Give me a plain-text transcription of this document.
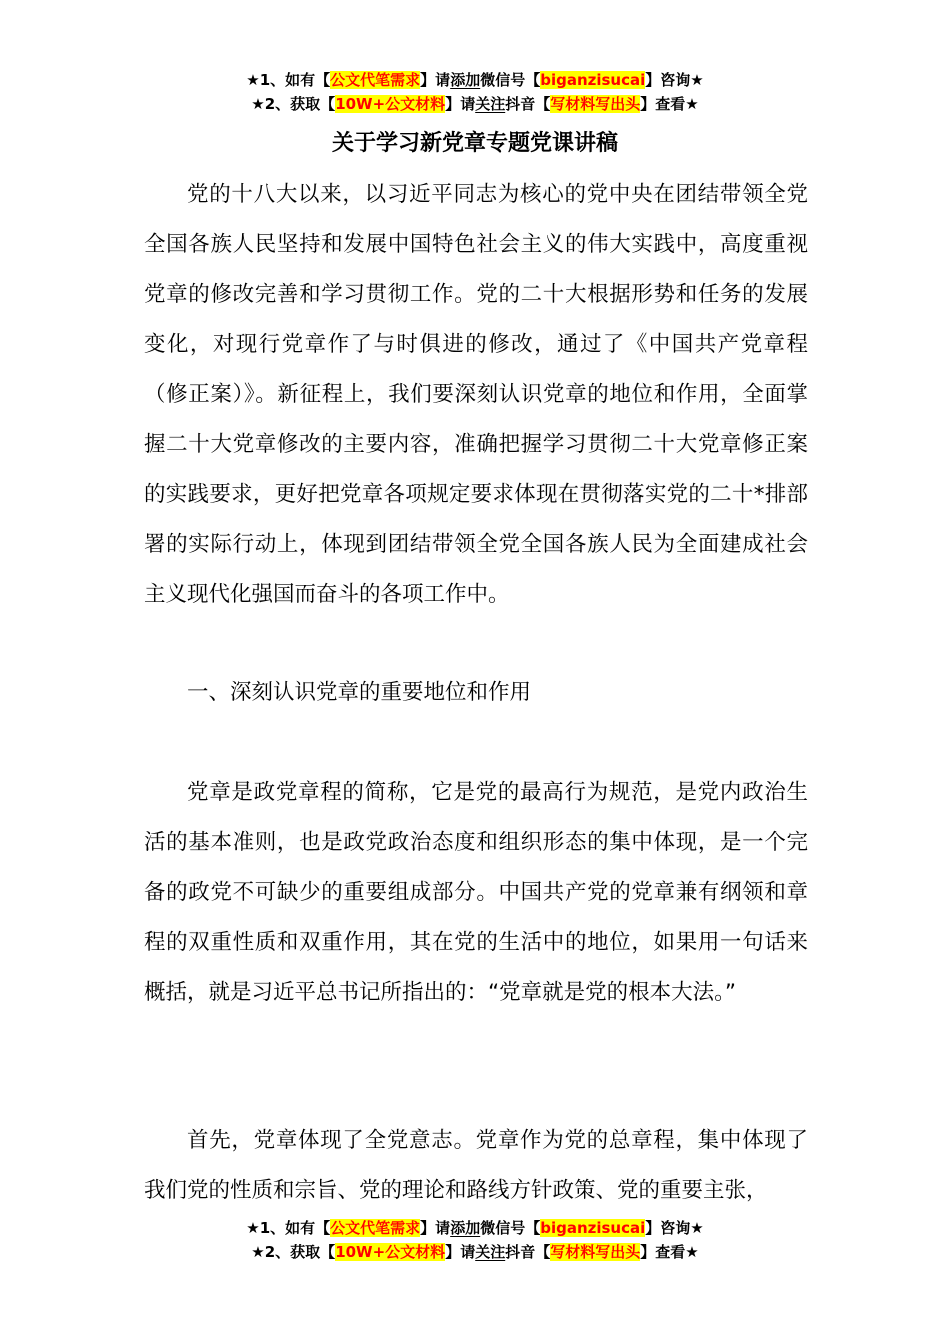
★1、如有【公文代笔需求】请添加微信号【biganzisucai】咨询★
★2、获取【10W+公文材料】请关注抖音【写材料写出头】查看★
关于学习新党章专题党课讲稿

党的十八大以来，以习近平同志为核心的党中央在团结带领全党全国各族人民坚持和发展中国特色社会主义的伟大实践中，高度重视党章的修改完善和学习贯彻工作。党的二十大根据形势和任务的发展变化，对现行党章作了与时俱进的修改，通过了《中国共产党章程（修正案）》。新征程上，我们要深刻认识党章的地位和作用，全面掌握二十大党章修改的主要内容，准确把握学习贯彻二十大党章修正案的实践要求，更好把党章各项规定要求体现在贯彻落实党的二十*排部署的实际行动上，体现到团结带领全党全国各族人民为全面建成社会主义现代化强国而奋斗的各项工作中。

一、深刻认识党章的重要地位和作用

党章是政党章程的简称，它是党的最高行为规范，是党内政治生活的基本准则，也是政党政治态度和组织形态的集中体现，是一个完备的政党不可缺少的重要组成部分。中国共产党的党章兼有纲领和章程的双重性质和双重作用，其在党的生活中的地位，如果用一句话来概括，就是习近平总书记所指出的：“党章就是党的根本大法。”

首先，党章体现了全党意志。党章作为党的总章程，集中体现了我们党的性质和宗旨、党的理论和路线方针政策、党的重要主张，

★1、如有【公文代笔需求】请添加微信号【biganzisucai】咨询★
★2、获取【10W+公文材料】请关注抖音【写材料写出头】查看★
